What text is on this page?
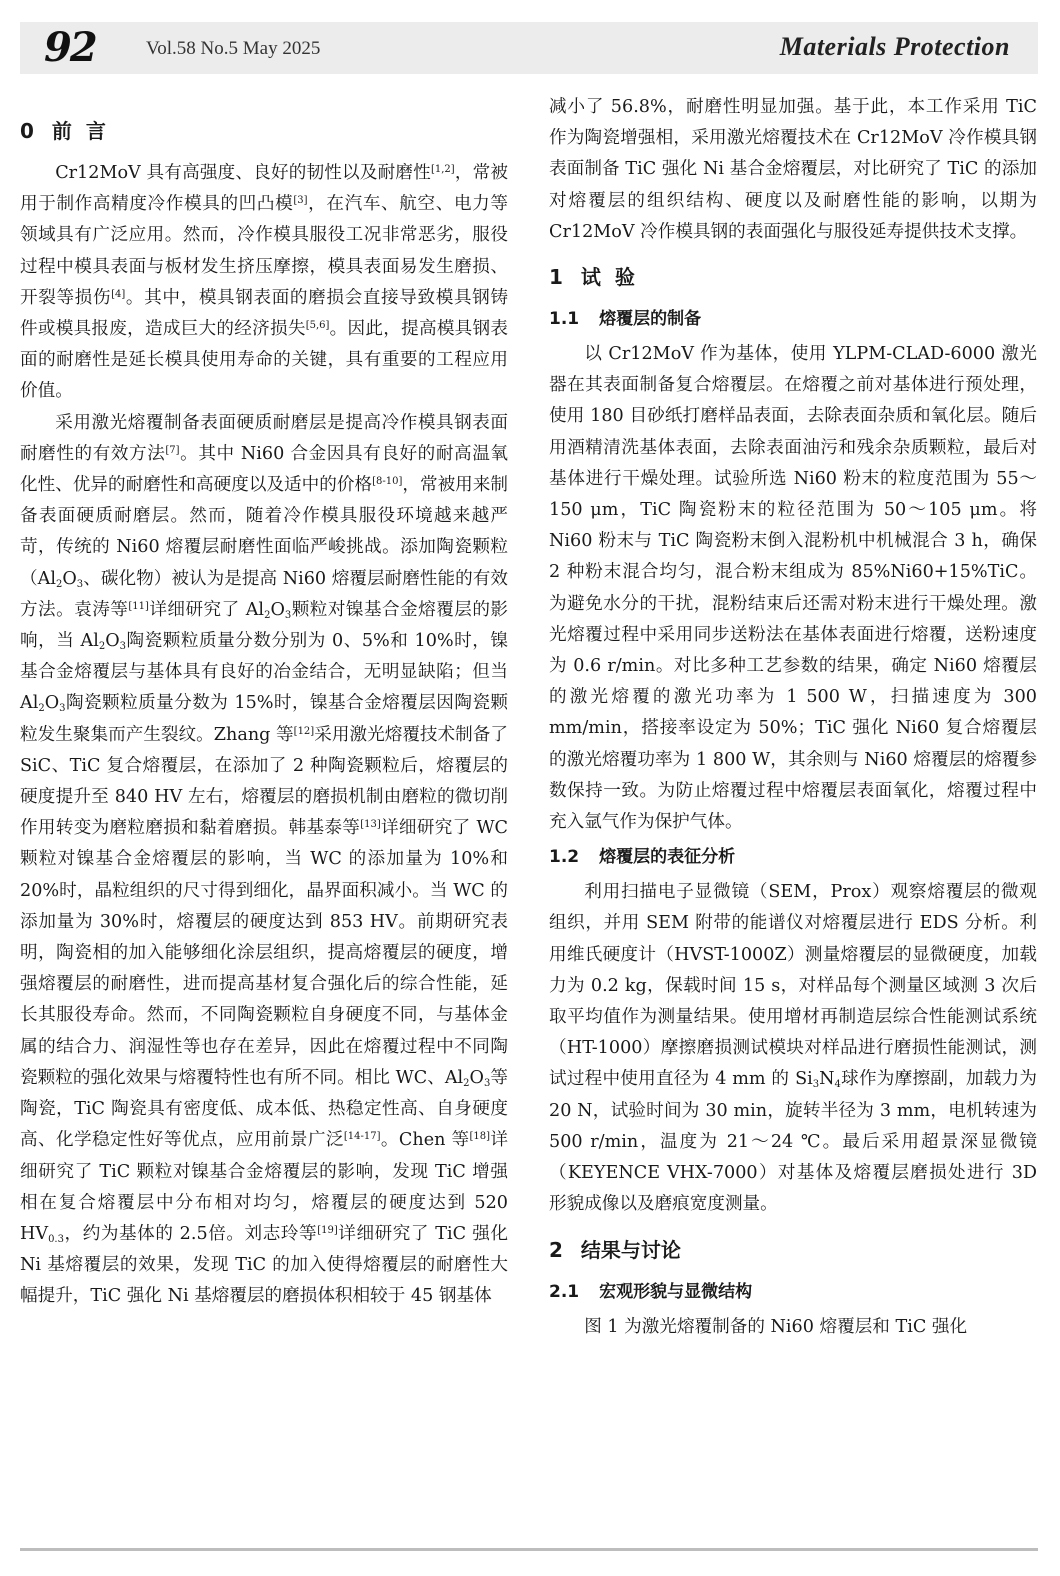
92	Vol.58 No.5 May 2025	Materials Protection
0 前言

Cr12MoV 具有高强度、良好的韧性以及耐磨性[1,2]，常被用于制作高精度冷作模具的凹凸模[3]，在汽车、航空、电力等领域具有广泛应用。然而，冷作模具服役工况非常恶劣，服役过程中模具表面与板材发生挤压摩擦，模具表面易发生磨损、开裂等损伤[4]。其中，模具钢表面的磨损会直接导致模具钢铸件或模具报废，造成巨大的经济损失[5,6]。因此，提高模具钢表面的耐磨性是延长模具使用寿命的关键，具有重要的工程应用价值。

采用激光熔覆制备表面硬质耐磨层是提高冷作模具钢表面耐磨性的有效方法[7]。其中 Ni60 合金因具有良好的耐高温氧化性、优异的耐磨性和高硬度以及适中的价格[8-10]，常被用来制备表面硬质耐磨层。然而，随着冷作模具服役环境越来越严苛，传统的 Ni60 熔覆层耐磨性面临严峻挑战。添加陶瓷颗粒（$Al_2O_3$、碳化物）被认为是提高 Ni60 熔覆层耐磨性能的有效方法。袁涛等[11]详细研究了 $Al_2O_3$颗粒对镍基合金熔覆层的影响，当 $Al_2O_3$陶瓷颗粒质量分数分别为 0、5%和 10%时，镍基合金熔覆层与基体具有良好的冶金结合，无明显缺陷；但当 $Al_2O_3$陶瓷颗粒质量分数为 15%时，镍基合金熔覆层因陶瓷颗粒发生聚集而产生裂纹。Zhang 等[12]采用激光熔覆技术制备了 SiC、TiC 复合熔覆层，在添加了 2 种陶瓷颗粒后，熔覆层的硬度提升至 840 HV 左右，熔覆层的磨损机制由磨粒的微切削作用转变为磨粒磨损和黏着磨损。韩基泰等[13]详细研究了 WC 颗粒对镍基合金熔覆层的影响，当 WC 的添加量为 10%和 20%时，晶粒组织的尺寸得到细化，晶界面积减小。当 WC 的添加量为 30%时，熔覆层的硬度达到 853 HV。前期研究表明，陶瓷相的加入能够细化涂层组织，提高熔覆层的硬度，增强熔覆层的耐磨性，进而提高基材复合强化后的综合性能，延长其服役寿命。然而，不同陶瓷颗粒自身硬度不同，与基体金属的结合力、润湿性等也存在差异，因此在熔覆过程中不同陶瓷颗粒的强化效果与熔覆特性也有所不同。相比 WC、$Al_2O_3$等陶瓷，TiC 陶瓷具有密度低、成本低、热稳定性高、自身硬度高、化学稳定性好等优点，应用前景广泛[14-17]。Chen 等[18]详细研究了 TiC 颗粒对镍基合金熔覆层的影响，发现 TiC 增强相在复合熔覆层中分布相对均匀，熔覆层的硬度达到 520 $HV_{0.3}$，约为基体的 2.5倍。刘志玲等[19]详细研究了 TiC 强化 Ni 基熔覆层的效果，发现 TiC 的加入使得熔覆层的耐磨性大幅提升，TiC 强化 Ni 基熔覆层的磨损体积相较于 45 钢基体

减小了 56.8%，耐磨性明显加强。基于此，本工作采用 TiC 作为陶瓷增强相，采用激光熔覆技术在 Cr12MoV 冷作模具钢表面制备 TiC 强化 Ni 基合金熔覆层，对比研究了 TiC 的添加对熔覆层的组织结构、硬度以及耐磨性能的影响，以期为 Cr12MoV 冷作模具钢的表面强化与服役延寿提供技术支撑。

1 试验
1.1 熔覆层的制备

以 Cr12MoV 作为基体，使用 YLPM-CLAD-6000 激光器在其表面制备复合熔覆层。在熔覆之前对基体进行预处理，使用 180 目砂纸打磨样品表面，去除表面杂质和氧化层。随后用酒精清洗基体表面，去除表面油污和残余杂质颗粒，最后对基体进行干燥处理。试验所选 Ni60 粉末的粒度范围为 55～150 μm，TiC 陶瓷粉末的粒径范围为 50～105 μm。将 Ni60 粉末与 TiC 陶瓷粉末倒入混粉机中机械混合 3 h，确保 2 种粉末混合均匀，混合粉末组成为 85%Ni60+15%TiC。为避免水分的干扰，混粉结束后还需对粉末进行干燥处理。激光熔覆过程中采用同步送粉法在基体表面进行熔覆，送粉速度为 0.6 r/min。对比多种工艺参数的结果，确定 Ni60 熔覆层的激光熔覆的激光功率为 1 500 W，扫描速度为 300 mm/min，搭接率设定为 50%；TiC 强化 Ni60 复合熔覆层的激光熔覆功率为 1 800 W，其余则与 Ni60 熔覆层的熔覆参数保持一致。为防止熔覆过程中熔覆层表面氧化，熔覆过程中充入氩气作为保护气体。

1.2 熔覆层的表征分析

利用扫描电子显微镜（SEM，Prox）观察熔覆层的微观组织，并用 SEM 附带的能谱仪对熔覆层进行 EDS 分析。利用维氏硬度计（HVST-1000Z）测量熔覆层的显微硬度，加载力为 0.2 kg，保载时间 15 s，对样品每个测量区域测 3 次后取平均值作为测量结果。使用增材再制造层综合性能测试系统（HT-1000）摩擦磨损测试模块对样品进行磨损性能测试，测试过程中使用直径为 4 mm 的 $Si_3N_4$球作为摩擦副，加载力为 20 N，试验时间为 30 min，旋转半径为 3 mm，电机转速为 500 r/min，温度为 21～24 ℃。最后采用超景深显微镜（KEYENCE VHX-7000）对基体及熔覆层磨损处进行 3D 形貌成像以及磨痕宽度测量。

2 结果与讨论
2.1 宏观形貌与显微结构

图 1 为激光熔覆制备的 Ni60 熔覆层和 TiC 强化
